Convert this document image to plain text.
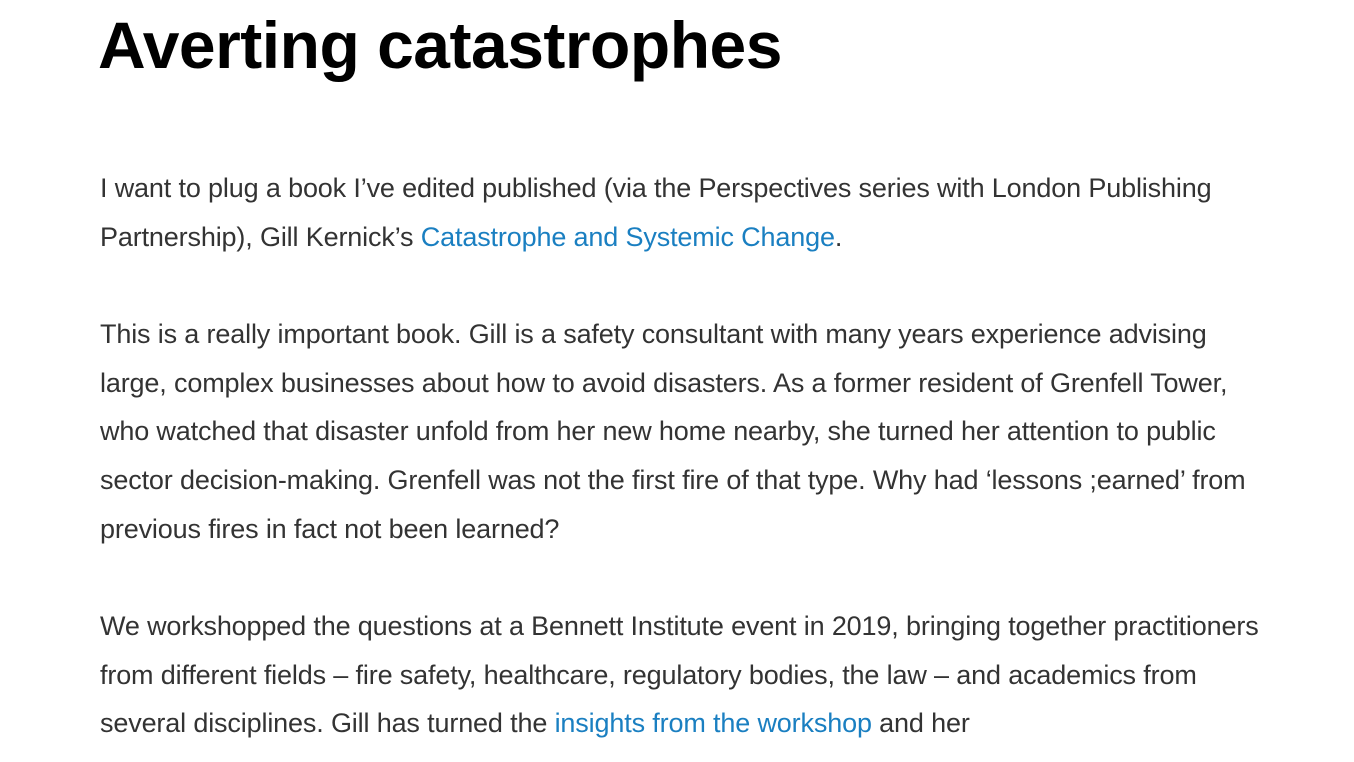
Averting catastrophes

I want to plug a book I’ve edited published (via the Perspectives series with London Publishing Partnership), Gill Kernick’s Catastrophe and Systemic Change.

This is a really important book. Gill is a safety consultant with many years experience advising large, complex businesses about how to avoid disasters. As a former resident of Grenfell Tower, who watched that disaster unfold from her new home nearby, she turned her attention to public sector decision-making. Grenfell was not the first fire of that type. Why had ‘lessons ;earned’ from previous fires in fact not been learned?

We workshopped the questions at a Bennett Institute event in 2019, bringing together practitioners from different fields – fire safety, healthcare, regulatory bodies, the law – and academics from several disciplines. Gill has turned the insights from the workshop and her
